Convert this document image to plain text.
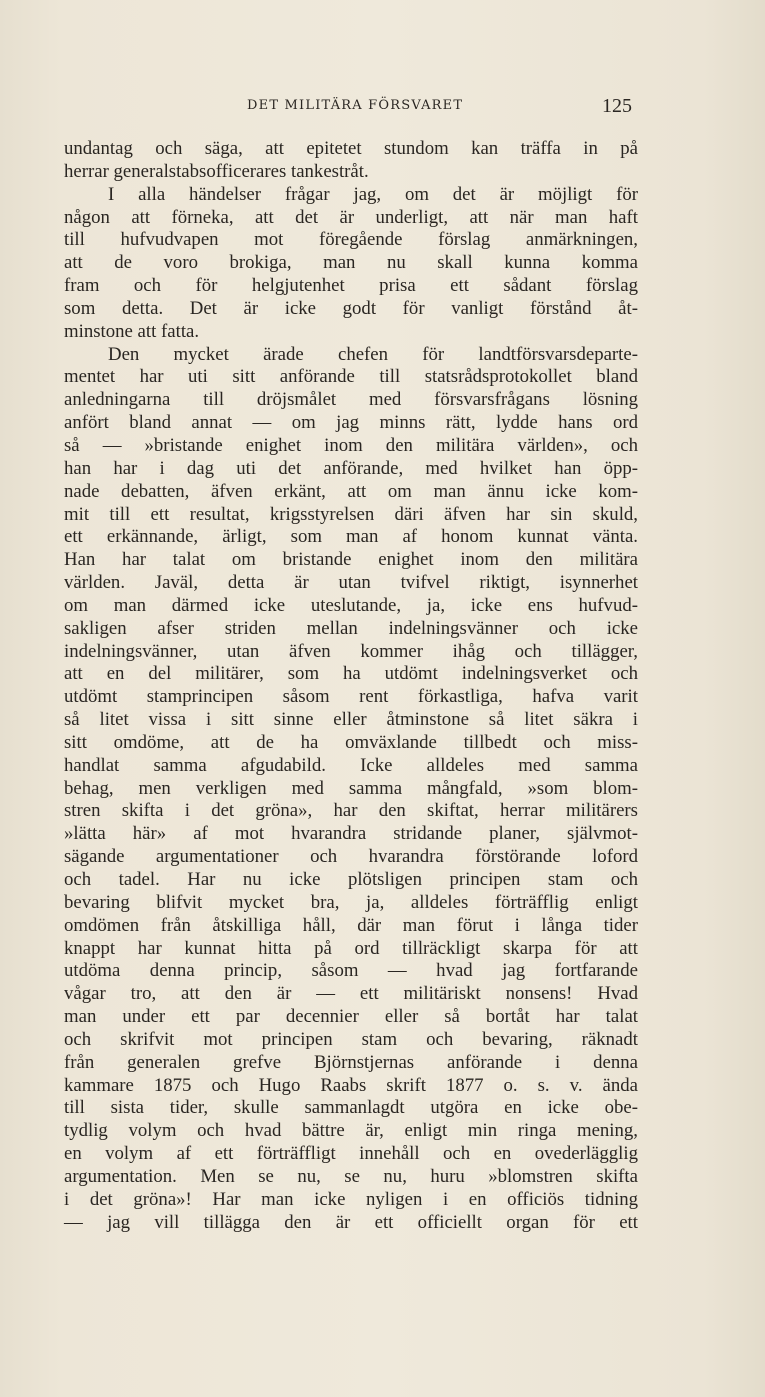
DET MILITÄRA FÖRSVARET	125
undantag och säga, att epitetet stundom kan träffa in på
herrar generalstabsofficerares tankestråt.
I alla händelser frågar jag, om det är möjligt för
någon att förneka, att det är underligt, att när man haft
till hufvudvapen mot föregående förslag anmärkningen,
att de voro brokiga, man nu skall kunna komma
fram och för helgjutenhet prisa ett sådant förslag
som detta. Det är icke godt för vanligt förstånd åt-
minstone att fatta.
Den mycket ärade chefen för landtförsvarsdeparte-
mentet har uti sitt anförande till statsrådsprotokollet bland
anledningarna till dröjsmålet med försvarsfrågans lösning
anfört bland annat — om jag minns rätt, lydde hans ord
så — »bristande enighet inom den militära världen», och
han har i dag uti det anförande, med hvilket han öpp-
nade debatten, äfven erkänt, att om man ännu icke kom-
mit till ett resultat, krigsstyrelsen däri äfven har sin skuld,
ett erkännande, ärligt, som man af honom kunnat vänta.
Han har talat om bristande enighet inom den militära
världen. Javäl, detta är utan tvifvel riktigt, isynnerhet
om man därmed icke uteslutande, ja, icke ens hufvud-
sakligen afser striden mellan indelningsvänner och icke
indelningsvänner, utan äfven kommer ihåg och tillägger,
att en del militärer, som ha utdömt indelningsverket och
utdömt stamprincipen såsom rent förkastliga, hafva varit
så litet vissa i sitt sinne eller åtminstone så litet säkra i
sitt omdöme, att de ha omväxlande tillbedt och miss-
handlat samma afgudabild. Icke alldeles med samma
behag, men verkligen med samma mångfald, »som blom-
stren skifta i det gröna», har den skiftat, herrar militärers
»lätta här» af mot hvarandra stridande planer, självmot-
sägande argumentationer och hvarandra förstörande loford
och tadel. Har nu icke plötsligen principen stam och
bevaring blifvit mycket bra, ja, alldeles förträfflig enligt
omdömen från åtskilliga håll, där man förut i långa tider
knappt har kunnat hitta på ord tillräckligt skarpa för att
utdöma denna princip, såsom — hvad jag fortfarande
vågar tro, att den är — ett militäriskt nonsens! Hvad
man under ett par decennier eller så bortåt har talat
och skrifvit mot principen stam och bevaring, räknadt
från generalen grefve Björnstjernas anförande i denna
kammare 1875 och Hugo Raabs skrift 1877 o. s. v. ända
till sista tider, skulle sammanlagdt utgöra en icke obe-
tydlig volym och hvad bättre är, enligt min ringa mening,
en volym af ett förträffligt innehåll och en ovederlägglig
argumentation. Men se nu, se nu, huru »blomstren skifta
i det gröna»! Har man icke nyligen i en officiös tidning
— jag vill tillägga den är ett officiellt organ för ett
